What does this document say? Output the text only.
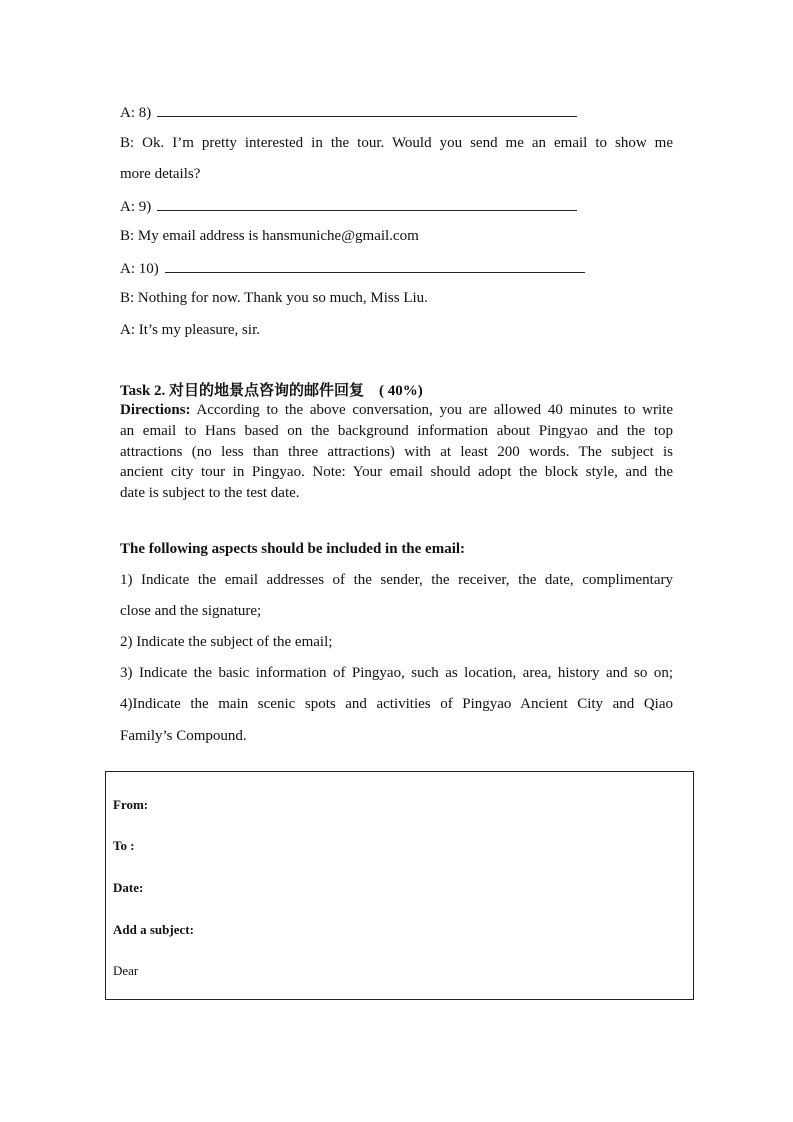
A: 8)
B: Ok. I’m pretty interested in the tour. Would you send me an email to show me
more details?
A: 9)
B: My email address is hansmuniche@gmail.com
A: 10)
B: Nothing for now. Thank you so much, Miss Liu.
A: It’s my pleasure, sir.
Task 2. 对目的地景点咨询的邮件回复　( 40%)
Directions: According to the above conversation, you are allowed 40 minutes to write
an email to Hans based on the background information about Pingyao and the top
attractions (no less than three attractions) with at least 200 words. The subject is
ancient city tour in Pingyao. Note: Your email should adopt the block style, and the
date is subject to the test date.
The following aspects should be included in the email:
1) Indicate the email addresses of the sender, the receiver, the date, complimentary
close and the signature;
2) Indicate the subject of the email;
3) Indicate the basic information of Pingyao, such as location, area, history and so on;
4)Indicate the main scenic spots and activities of Pingyao Ancient City and Qiao
Family’s Compound.
From:
To :
Date:
Add a subject:
Dear
